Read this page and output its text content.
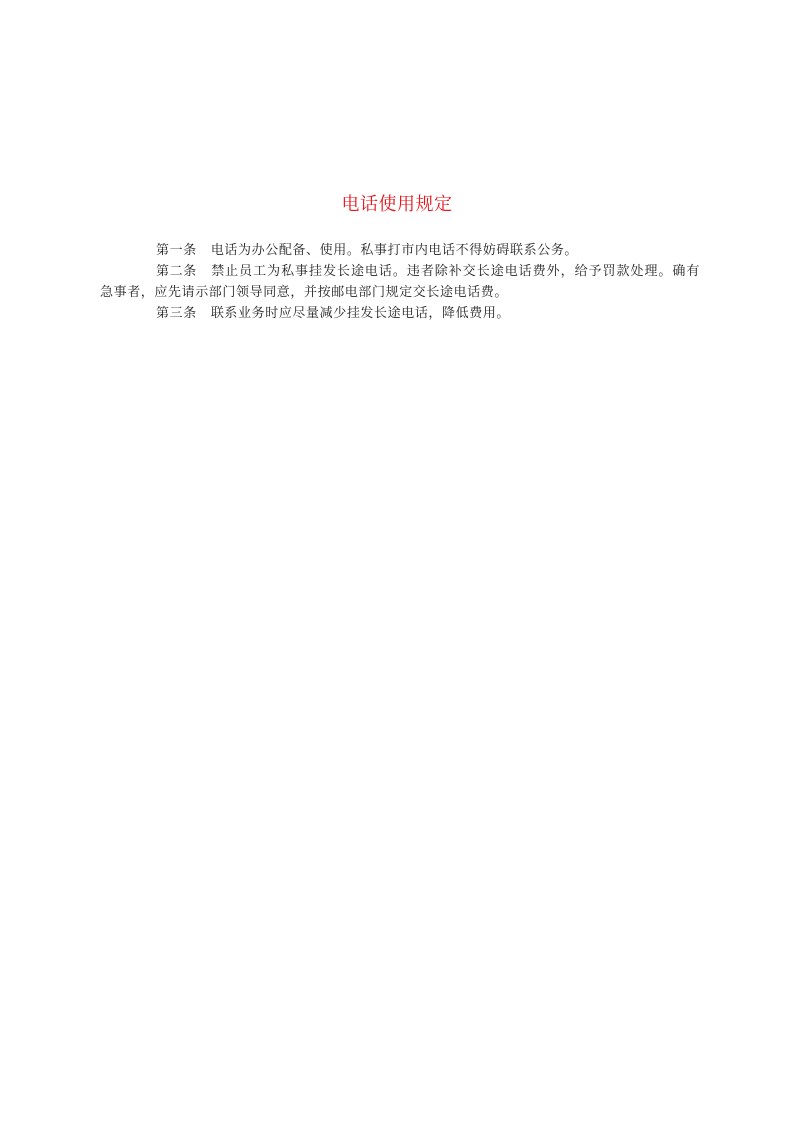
电话使用规定

第一条 电话为办公配备、使用。私事打市内电话不得妨碍联系公务。

第二条 禁止员工为私事挂发长途电话。违者除补交长途电话费外，给予罚款处理。确有急事者，应先请示部门领导同意，并按邮电部门规定交长途电话费。

第三条 联系业务时应尽量减少挂发长途电话，降低费用。
